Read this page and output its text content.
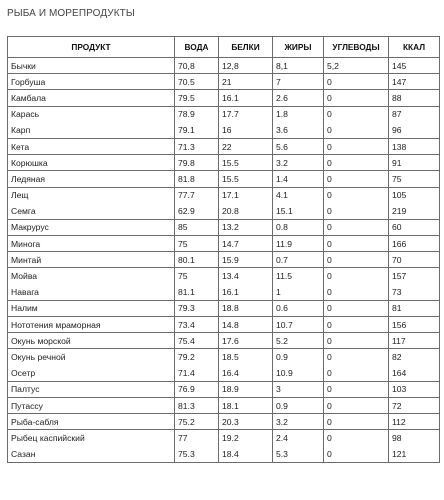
РЫБА И МОРЕПРОДУКТЫ
ПРОДУКТ	ВОДА	БЕЛКИ	ЖИРЫ	УГЛЕВОДЫ	ККАЛ
Бычки	70,8	12,8	8,1	5,2	145
Горбуша	70.5	21	7	0	147
Камбала	79.5	16.1	2.6	0	88
Карась	78.9	17.7	1.8	0	87
Карп	79.1	16	3.6	0	96
Кета	71.3	22	5.6	0	138
Корюшка	79.8	15.5	3.2	0	91
Ледяная	81.8	15.5	1.4	0	75
Лещ	77.7	17.1	4.1	0	105
Семга	62.9	20.8	15.1	0	219
Макрурус	85	13.2	0.8	0	60
Минога	75	14.7	11.9	0	166
Минтай	80.1	15.9	0.7	0	70
Мойва	75	13.4	11.5	0	157
Навага	81.1	16.1	1	0	73
Налим	79.3	18.8	0.6	0	81
Нототения мраморная	73.4	14.8	10.7	0	156
Окунь морской	75.4	17.6	5.2	0	117
Окунь речной	79.2	18.5	0.9	0	82
Осетр	71.4	16.4	10.9	0	164
Палтус	76.9	18.9	3	0	103
Путассу	81.3	18.1	0.9	0	72
Рыба-сабля	75.2	20.3	3.2	0	112
Рыбец каспийский	77	19.2	2.4	0	98
Сазан	75.3	18.4	5.3	0	121
